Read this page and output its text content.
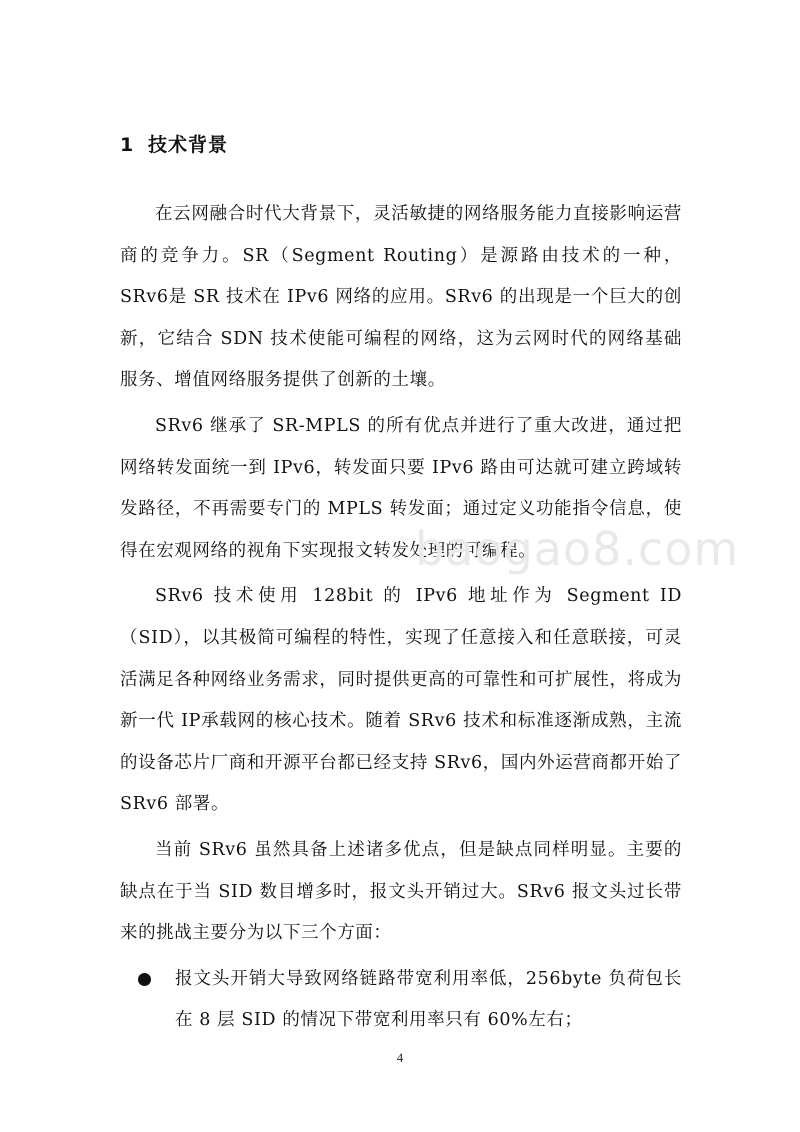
1 技术背景

在云网融合时代大背景下，灵活敏捷的网络服务能力直接影响运营商的竞争力。SR（Segment Routing）是源路由技术的一种，SRv6是 SR 技术在 IPv6 网络的应用。SRv6 的出现是一个巨大的创新，它结合 SDN 技术使能可编程的网络，这为云网时代的网络基础服务、增值网络服务提供了创新的土壤。

SRv6 继承了 SR-MPLS 的所有优点并进行了重大改进，通过把网络转发面统一到 IPv6，转发面只要 IPv6 路由可达就可建立跨域转发路径，不再需要专门的 MPLS 转发面；通过定义功能指令信息，使得在宏观网络的视角下实现报文转发处理的可编程。

SRv6 技术使用 128bit 的 IPv6 地址作为 Segment ID（SID），以其极简可编程的特性，实现了任意接入和任意联接，可灵活满足各种网络业务需求，同时提供更高的可靠性和可扩展性，将成为新一代 IP承载网的核心技术。随着 SRv6 技术和标准逐渐成熟，主流的设备芯片厂商和开源平台都已经支持 SRv6，国内外运营商都开始了 SRv6 部署。

当前 SRv6 虽然具备上述诸多优点，但是缺点同样明显。主要的缺点在于当 SID 数目增多时，报文头开销过大。SRv6 报文头过长带来的挑战主要分为以下三个方面：

报文头开销大导致网络链路带宽利用率低，256byte 负荷包长在 8 层 SID 的情况下带宽利用率只有 60%左右；
baogao8.com
4
